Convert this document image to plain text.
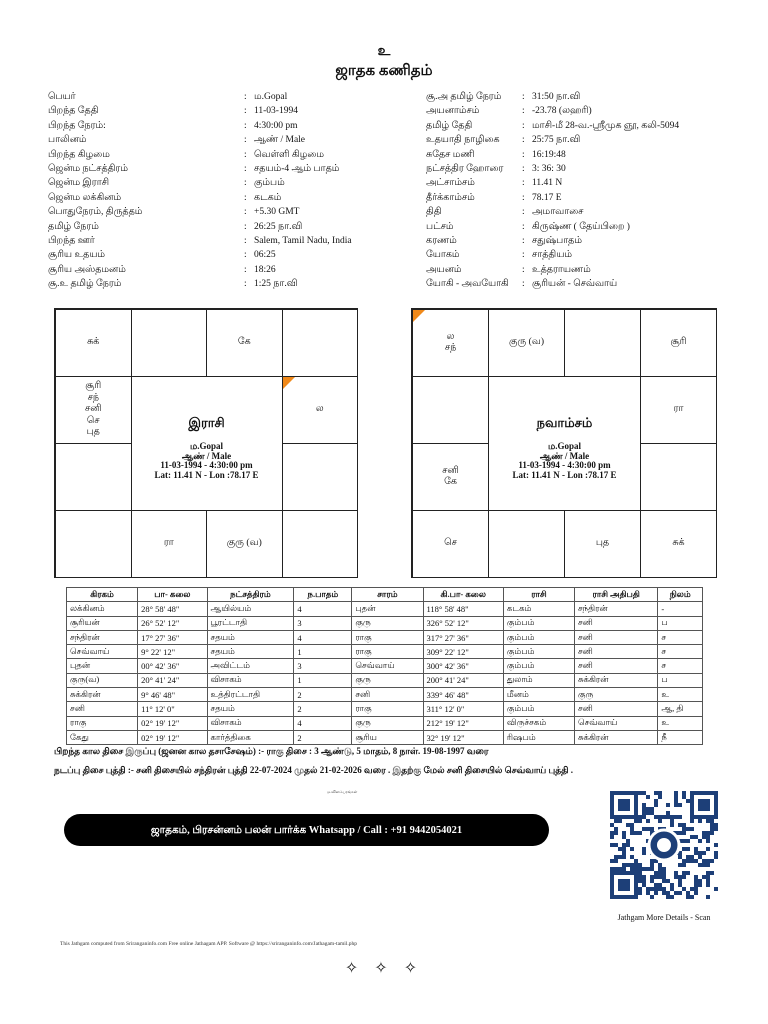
உ
ஜாதக கணிதம்
பெயர்	: ம.Gopal
பிறந்த தேதி	: 11-03-1994
பிறந்த நேரம்:	: 4:30:00 pm
பாலினம்	: ஆண் / Male
பிறந்த கிழமை	: வெள்ளி கிழமை
ஜென்ம நட்சத்திரம்	: சதயம்-4 ஆம் பாதம்
ஜென்ம இராசி	: கும்பம்
ஜென்ம லக்கினம்	: கடகம்
பொதுநேரம், திருத்தம்	: +5.30 GMT
தமிழ் நேரம்	: 26:25 நா.வி
பிறந்த ஊர்	: Salem, Tamil Nadu, India
சூரிய உதயம்	: 06:25
சூரிய அஸ்தமனம்	: 18:26
சூ.உ தமிழ் நேரம்	: 1:25 நா.வி
சூ.அ தமிழ் நேரம்	: 31:50 நா.வி
அயனாம்சம்	: -23.78 (லஹரி)
தமிழ் தேதி	: மாசி-மீ 28-வ.-ஸ்ரீமுக ஞூ, கலி-5094
உதயாதி நாழிகை	: 25:75 நா.வி
சுதேச மணி	: 16:19:48
நட்சத்திர ஹோரை	: 3: 36: 30
அட்சாம்சம்	: 11.41 N
தீர்க்காம்சம்	: 78.17 E
திதி	: அமாவாசை
பட்சம்	: கிருஷ்ண ( தேய்பிறை )
கரணம்	: சதுஷ்பாதம்
யோகம்	: சாத்தியம்
அயனம்	: உத்தராயணம்
யோகி - அவயோகி	: சூரியன் - செவ்வாய்
சுக்	கே
சூரி
சந்
சனி
செ
புத
ல
ரா	குரு (வ)
இராசி
ம.Gopal
ஆண் / Male
11-03-1994 - 4:30:00 pm
Lat: 11.41 N - Lon :78.17 E
ல
சந்
குரு (வ)	சூரி
ரா
சனி
கே
செ	புத	சுக்
நவாம்சம்
ம.Gopal
ஆண் / Male
11-03-1994 - 4:30:00 pm
Lat: 11.41 N - Lon :78.17 E
கிரகம்	பா- கலை	நட்சத்திரம்	ந.பாதம்	சாரம்	கி.பா- கலை	ராசி	ராசி அதிபதி	நிலம்
லக்கினம்	28° 58' 48"	ஆயில்யம்	4	புதன்	118° 58' 48"	கடகம்	சந்திரன்	-
சூரியன்	26° 52' 12"	பூரட்டாதி	3	குரு	326° 52' 12"	கும்பம்	சனி	ப
சந்திரன்	17° 27' 36"	சதயம்	4	ராகு	317° 27' 36"	கும்பம்	சனி	ச
செவ்வாய்	9° 22' 12"	சதயம்	1	ராகு	309° 22' 12"	கும்பம்	சனி	ச
புதன்	00° 42' 36"	அவிட்டம்	3	செவ்வாய்	300° 42' 36"	கும்பம்	சனி	ச
குரு(வ)	20° 41' 24"	விசாகம்	1	குரு	200° 41' 24"	துலாம்	சுக்கிரன்	ப
சுக்கிரன்	9° 46' 48"	உத்திரட்டாதி	2	சனி	339° 46' 48"	மீனம்	குரு	உ
சனி	11° 12' 0"	சதயம்	2	ராகு	311° 12' 0"	கும்பம்	சனி	ஆ, தி
ராகு	02° 19' 12"	விசாகம்	4	குரு	212° 19' 12"	விருச்சகம்	செவ்வாய்	உ
கேது	02° 19' 12"	கார்த்திகை	2	சூரிய	32° 19' 12"	ரிஷபம்	சுக்கிரன்	நீ
பிறந்த கால திசை இருப்பு (ஜனன கால தசாசேஷம்) :- ராகு திசை : 3 ஆண்டு, 5 மாதம், 8 நாள். 19-08-1997 வரை
நடப்பு திசை புத்தி :- சனி திசையில் சந்திரன் புத்தி 22-07-2024 முதல் 21-02-2026 வரை . இதற்கு மேல் சனி திசையில் செவ்வாய் புத்தி .
ம.விளம்பரங்கள்
ஜாதகம், பிரசன்னம் பலன் பார்க்க Whatsapp / Call : +91 9442054021
Jathgam More Details - Scan
This Jathgam computed from Sriranganinfo.com Free online Jathagam APP. Software @ https://sriranganinfo.com/Jathagam-tamil.php
✧ ✧ ✧
